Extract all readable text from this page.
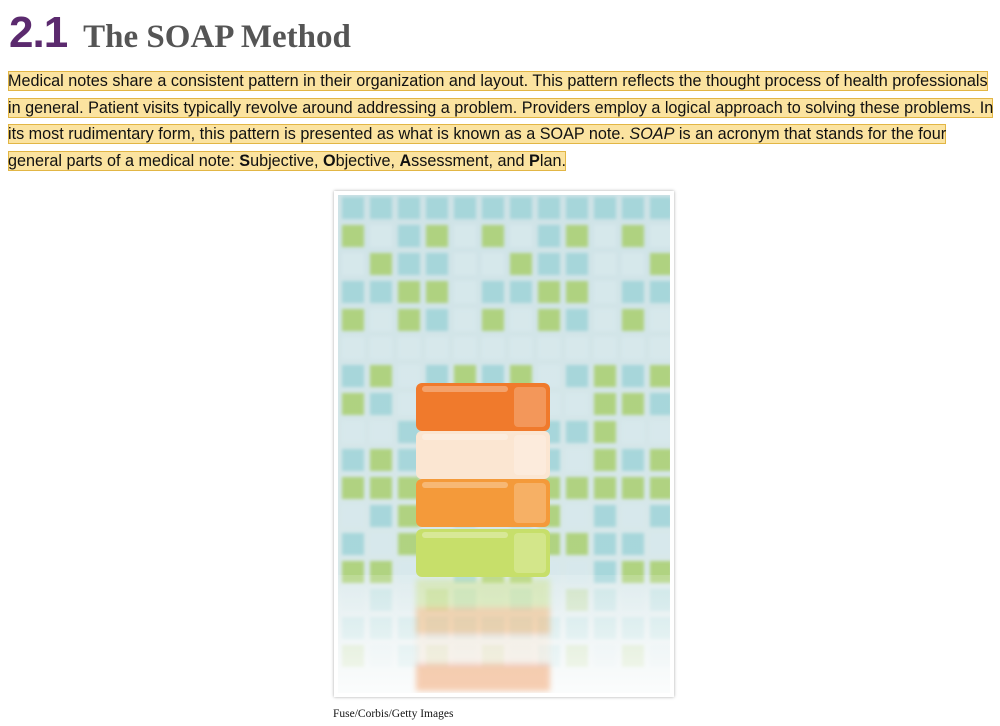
2.1 The SOAP Method

Medical notes share a consistent pattern in their organization and layout. This pattern reflects the thought process of health professionals in general. Patient visits typically revolve around addressing a problem. Providers employ a logical approach to solving these problems. In its most rudimentary form, this pattern is presented as what is known as a SOAP note. SOAP is an acronym that stands for the four general parts of a medical note: Subjective, Objective, Assessment, and Plan.

Fuse/Corbis/Getty Images
